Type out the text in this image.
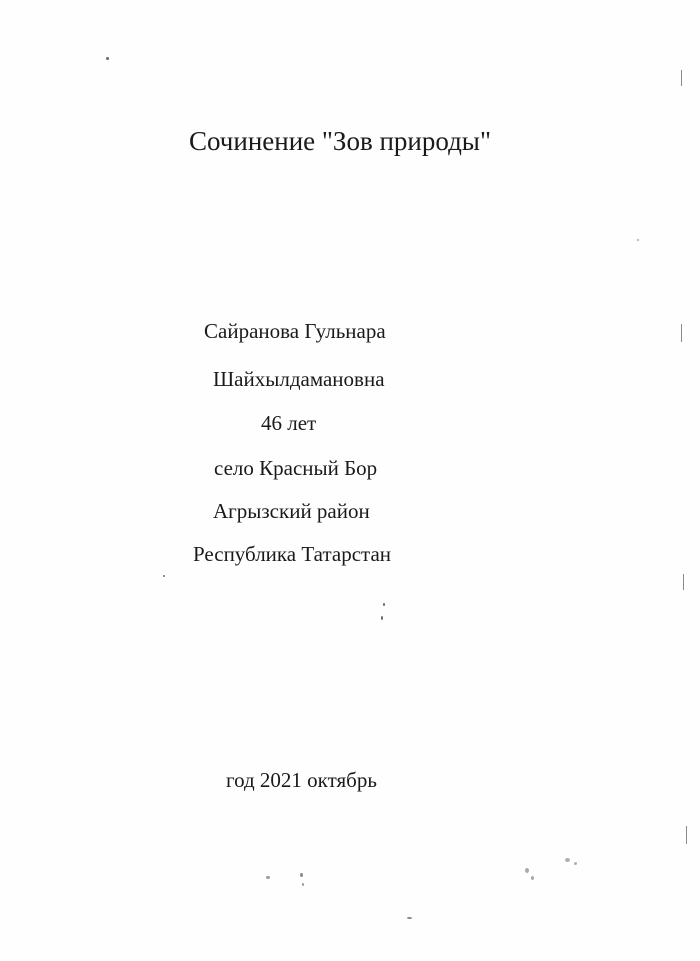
Сочинение "Зов природы"
Сайранова Гульнара
Шайхылдамановна
46 лет
село Красный Бор
Агрызский район
Республика Татарстан
год 2021 октябрь
